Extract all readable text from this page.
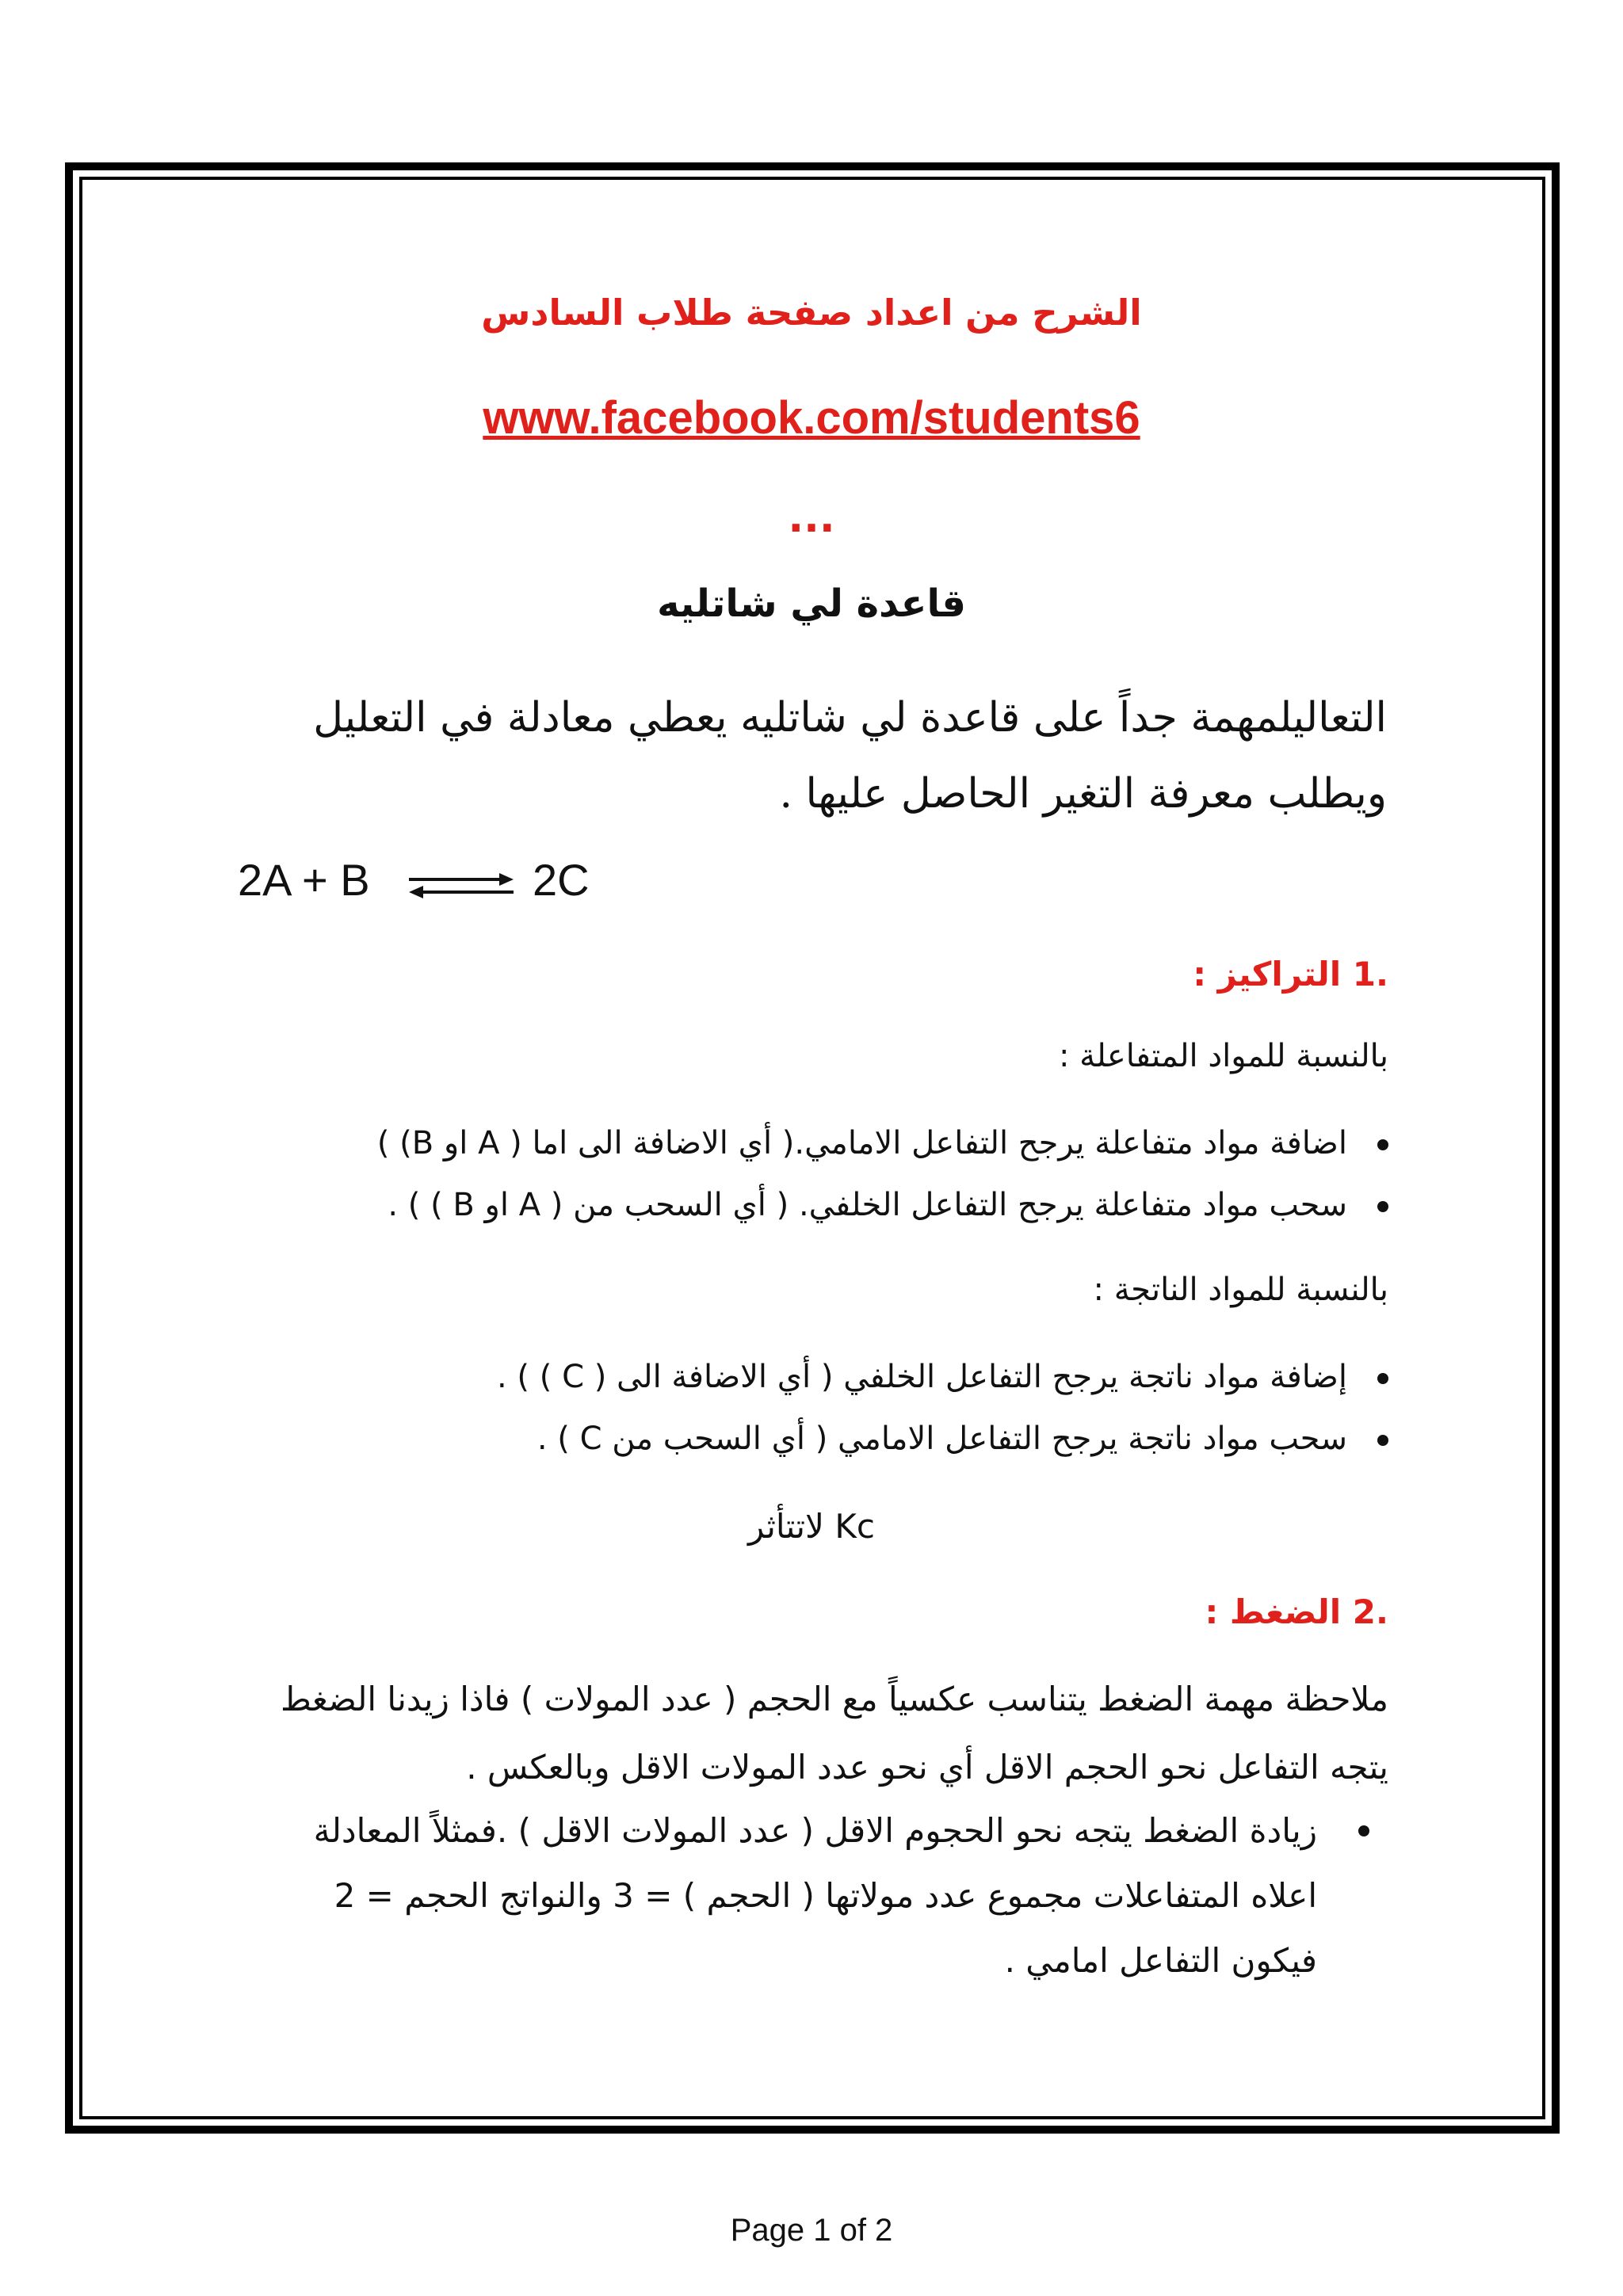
الشرح من اعداد صفحة طلاب السادس
www.facebook.com/students6
...
قاعدة لي شاتليه
التعاليلمهمة جداً على قاعدة لي شاتليه يعطي معادلة في التعليل ويطلب معرفة التغير الحاصل عليها .
2A + B	2C
.1 التراكيز :
بالنسبة للمواد المتفاعلة :
اضافة مواد متفاعلة يرجح التفاعل الامامي.( أي الاضافة الى اما ( A او B) )
سحب مواد متفاعلة يرجح التفاعل الخلفي. ( أي السحب من ( A او B ) ) .
بالنسبة للمواد الناتجة :
إضافة مواد ناتجة يرجح التفاعل الخلفي ( أي الاضافة الى ( C ) ) .
سحب مواد ناتجة يرجح التفاعل الامامي ( أي السحب من C ) .
Kc لاتتأثر
.2 الضغط :
ملاحظة مهمة الضغط يتناسب عكسياً مع الحجم ( عدد المولات ) فاذا زيدنا الضغط يتجه التفاعل نحو الحجم الاقل أي نحو عدد المولات الاقل وبالعكس .
زيادة الضغط يتجه نحو الحجوم الاقل ( عدد المولات الاقل ) .فمثلاً المعادلة اعلاه المتفاعلات مجموع عدد مولاتها ( الحجم ) = 3 والنواتج الحجم = 2 فيكون التفاعل امامي .
Page 1 of 2
